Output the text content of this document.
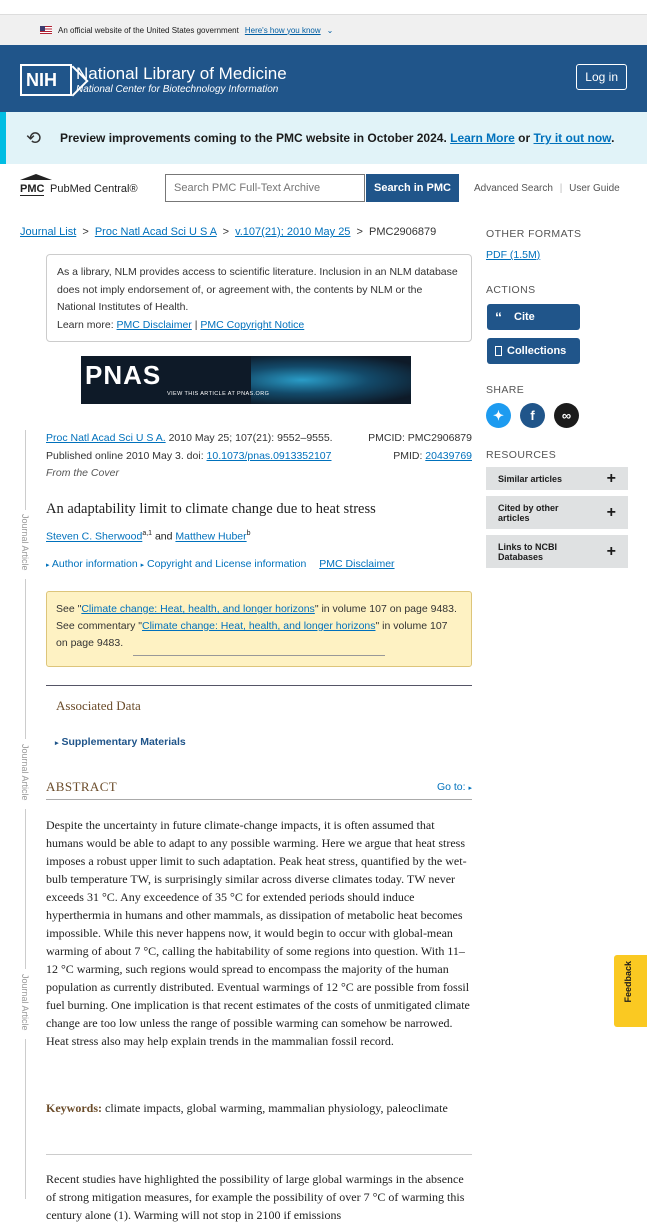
An official website of the United States government Here's how you know ⌄
NIH National Library of Medicine
National Center for Biotechnology Information
Log in
⟲ Preview improvements coming to the PMC website in October 2024. Learn More or Try it out now.
PMC PubMed Central®
Search PMC Full-Text Archive	Search in PMC	Advanced Search | User Guide
Journal List > Proc Natl Acad Sci U S A > v.107(21); 2010 May 25 > PMC2906879
As a library, NLM provides access to scientific literature. Inclusion in an NLM database does not imply endorsement of, or agreement with, the contents by NLM or the National Institutes of Health.
Learn more: PMC Disclaimer | PMC Copyright Notice
PNAS
VIEW THIS ARTICLE AT PNAS.ORG
Proc Natl Acad Sci U S A. 2010 May 25; 107(21): 9552–9555.	PMCID: PMC2906879
Published online 2010 May 3. doi: 10.1073/pnas.0913352107	PMID: 20439769
From the Cover
Journal Article
Journal Article
Journal Article
An adaptability limit to climate change due to heat stress
Steven C. Sherwood$^{a,1}$ and Matthew Huber$^b$
▸ Author information ▸ Copyright and License information PMC Disclaimer
See "Climate change: Heat, health, and longer horizons" in volume 107 on page 9483.
See commentary "Climate change: Heat, health, and longer horizons" in volume 107 on page 9483.
Associated Data
▸ Supplementary Materials
ABSTRACT	Go to: ▸
Despite the uncertainty in future climate-change impacts, it is often assumed that humans would be able to adapt to any possible warming. Here we argue that heat stress imposes a robust upper limit to such adaptation. Peak heat stress, quantified by the wet-bulb temperature TW, is surprisingly similar across diverse climates today. TW never exceeds 31 °C. Any exceedence of 35 °C for extended periods should induce hyperthermia in humans and other mammals, as dissipation of metabolic heat becomes impossible. While this never happens now, it would begin to occur with global-mean warming of about 7 °C, calling the habitability of some regions into question. With 11–12 °C warming, such regions would spread to encompass the majority of the human population as currently distributed. Eventual warmings of 12 °C are possible from fossil fuel burning. One implication is that recent estimates of the costs of unmitigated climate change are too low unless the range of possible warming can somehow be narrowed. Heat stress also may help explain trends in the mammalian fossil record.
Keywords: climate impacts, global warming, mammalian physiology, paleoclimate
Recent studies have highlighted the possibility of large global warmings in the absence of strong mitigation measures, for example the possibility of over 7 °C of warming this century alone (1). Warming will not stop in 2100 if emissions
OTHER FORMATS
PDF (1.5M)
ACTIONS
“ Cite
Collections
SHARE
✦	f	∞
RESOURCES
Similar articles	+
Cited by other articles	+
Links to NCBI Databases	+
Feedback
